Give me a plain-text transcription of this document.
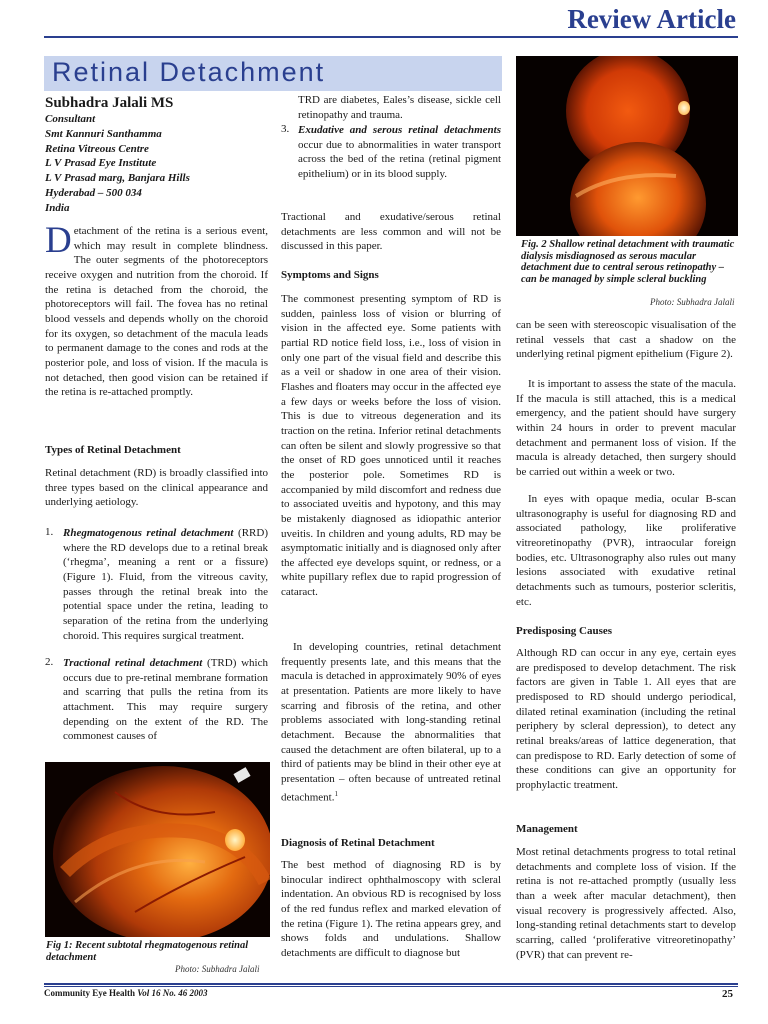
Review Article
Retinal Detachment
Subhadra Jalali MS
Consultant
Smt Kannuri Santhamma
Retina Vitreous Centre
L V Prasad Eye Institute
L V Prasad marg, Banjara Hills
Hyderabad – 500 034
India

Detachment of the retina is a serious event, which may result in complete blindness. The outer segments of the photoreceptors receive oxygen and nutrition from the choroid. If the retina is detached from the choroid, the photoreceptors will fail. The fovea has no retinal blood vessels and depends wholly on the choroid for its oxygen, so detachment of the macula leads to permanent damage to the cones and rods at the posterior pole, and loss of vision. If the macula is not detached, then good vision can be retained if the retina is re-attached promptly.

Types of Retinal Detachment
Retinal detachment (RD) is broadly classified into three types based on the clinical appearance and underlying aetiology.
1. Rhegmatogenous retinal detachment (RRD) where the RD develops due to a retinal break (‘rhegma’, meaning a rent or a fissure) (Figure 1). Fluid, from the vitreous cavity, passes through the retinal break into the potential space under the retina, leading to separation of the retina from the underlying choroid. This requires surgical treatment.
2. Tractional retinal detachment (TRD) which occurs due to pre-retinal membrane formation and scarring that pulls the retina from its attachment. This may require surgery depending on the extent of the RD. The commonest causes of
Fig 1: Recent subtotal rhegmatogenous retinal detachment
Photo: Subhadra Jalali
TRD are diabetes, Eales’s disease, sickle cell retinopathy and trauma.
3. Exudative and serous retinal detachments occur due to abnormalities in water transport across the bed of the retina (retinal pigment epithelium) or in its blood supply.
Tractional and exudative/serous retinal detachments are less common and will not be discussed in this paper.
Symptoms and Signs
The commonest presenting symptom of RD is sudden, painless loss of vision or blurring of vision in the affected eye. Some patients with partial RD notice field loss, i.e., loss of vision in only one part of the visual field and describe this as a veil or shadow in one area of their vision. Flashes and floaters may occur in the affected eye a few days or weeks before the loss of vision. This is due to vitreous degeneration and its traction on the retina. Inferior retinal detachments can often be silent and slowly progressive so that the onset of RD goes unnoticed until it reaches the posterior pole. Sometimes RD is accompanied by mild discomfort and redness due to associated uveitis and hypotony, and this may be mistakenly diagnosed as idiopathic anterior uveitis. In children and young adults, RD may be asymptomatic initially and is diagnosed only after the affected eye develops squint, or redness, or a white pupillary reflex due to rapid progression of cataract.
In developing countries, retinal detachment frequently presents late, and this means that the macula is detached in approximately 90% of eyes at presentation. Patients are more likely to have scarring and fibrosis of the retina, and other problems associated with long-standing retinal detachment. Because the abnormalities that caused the detachment are often bilateral, up to a third of patients may be blind in their other eye at presentation – often because of untreated retinal detachment.$^1$
Diagnosis of Retinal Detachment
The best method of diagnosing RD is by binocular indirect ophthalmoscopy with scleral indentation. An obvious RD is recognised by loss of the red fundus reflex and marked elevation of the retina (Figure 1). The retina appears grey, and shows folds and undulations. Shallow detachments are difficult to diagnose but
Fig. 2 Shallow retinal detachment with traumatic dialysis misdiagnosed as serous macular detachment due to central serous retinopathy – can be managed by simple scleral buckling
Photo: Subhadra Jalali
can be seen with stereoscopic visualisation of the retinal vessels that cast a shadow on the underlying retinal pigment epithelium (Figure 2).
It is important to assess the state of the macula. If the macula is still attached, this is a medical emergency, and the patient should have surgery within 24 hours in order to prevent macular detachment and permanent loss of vision. If the macula is already detached, then surgery should be carried out within a week or two.
In eyes with opaque media, ocular B-scan ultrasonography is useful for diagnosing RD and associated pathology, like proliferative vitreoretinopathy (PVR), intraocular foreign bodies, etc. Ultrasonography also rules out many lesions associated with exudative retinal detachments such as tumours, posterior scleritis, etc.
Predisposing Causes
Although RD can occur in any eye, certain eyes are predisposed to develop detachment. The risk factors are given in Table 1. All eyes that are predisposed to RD should undergo periodical, dilated retinal examination (including the retinal periphery by scleral depression), to detect any retinal breaks/areas of lattice degeneration, that can predispose to RD. Early detection of some of these conditions can give an opportunity for prophylactic treatment.
Management
Most retinal detachments progress to total retinal detachments and complete loss of vision. If the retina is not re-attached promptly (usually less than a week after macular detachment), then visual recovery is progressively affected. Also, long-standing retinal detachments start to develop scarring, called ‘proliferative vitreoretinopathy’ (PVR) that can prevent re-
Community Eye Health Vol 16 No. 46 2003	25
